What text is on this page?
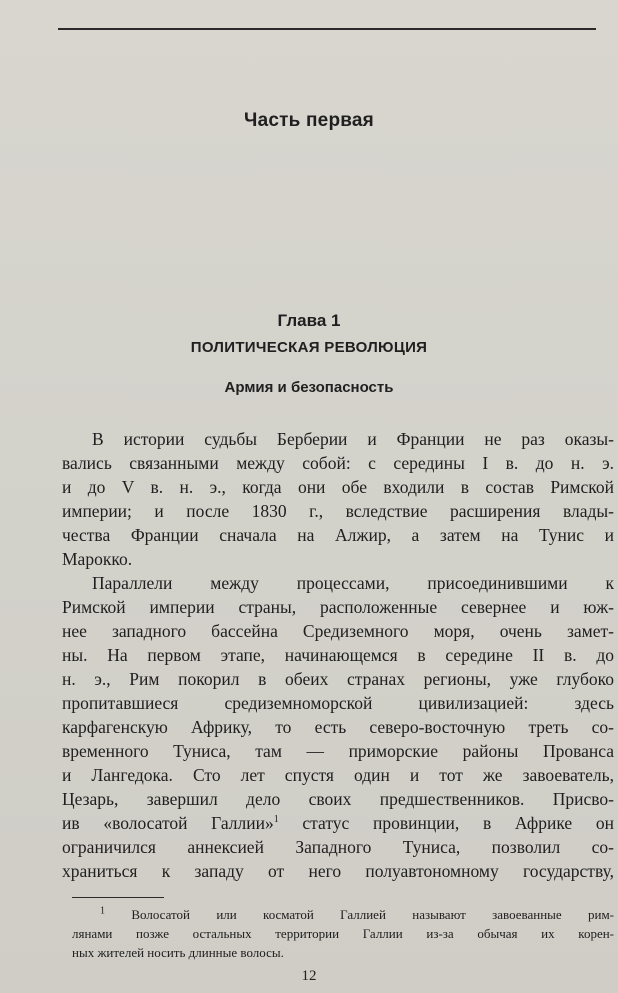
Часть первая
Глава 1
ПОЛИТИЧЕСКАЯ РЕВОЛЮЦИЯ
Армия и безопасность
В истории судьбы Берберии и Франции не раз оказы-
вались связанными между собой: с середины I в. до н. э.
и до V в. н. э., когда они обе входили в состав Римской
империи; и после 1830 г., вследствие расширения влады-
чества Франции сначала на Алжир, а затем на Тунис и
Марокко.
Параллели между процессами, присоединившими к
Римской империи страны, расположенные севернее и юж-
нее западного бассейна Средиземного моря, очень замет-
ны. На первом этапе, начинающемся в середине II в. до
н. э., Рим покорил в обеих странах регионы, уже глубоко
пропитавшиеся средиземноморской цивилизацией: здесь
карфагенскую Африку, то есть северо-восточную треть со-
временного Туниса, там — приморские районы Прованса
и Лангедока. Сто лет спустя один и тот же завоеватель,
Цезарь, завершил дело своих предшественников. Присво-
ив «волосатой Галлии»$^1$ статус провинции, в Африке он
ограничился аннексией Западного Туниса, позволил со-
храниться к западу от него полуавтономному государству,
12
$^1$ Волосатой или косматой Галлией называют завоеванные рим-
лянами позже остальных территории Галлии из-за обычая их корен-
ных жителей носить длинные волосы.
